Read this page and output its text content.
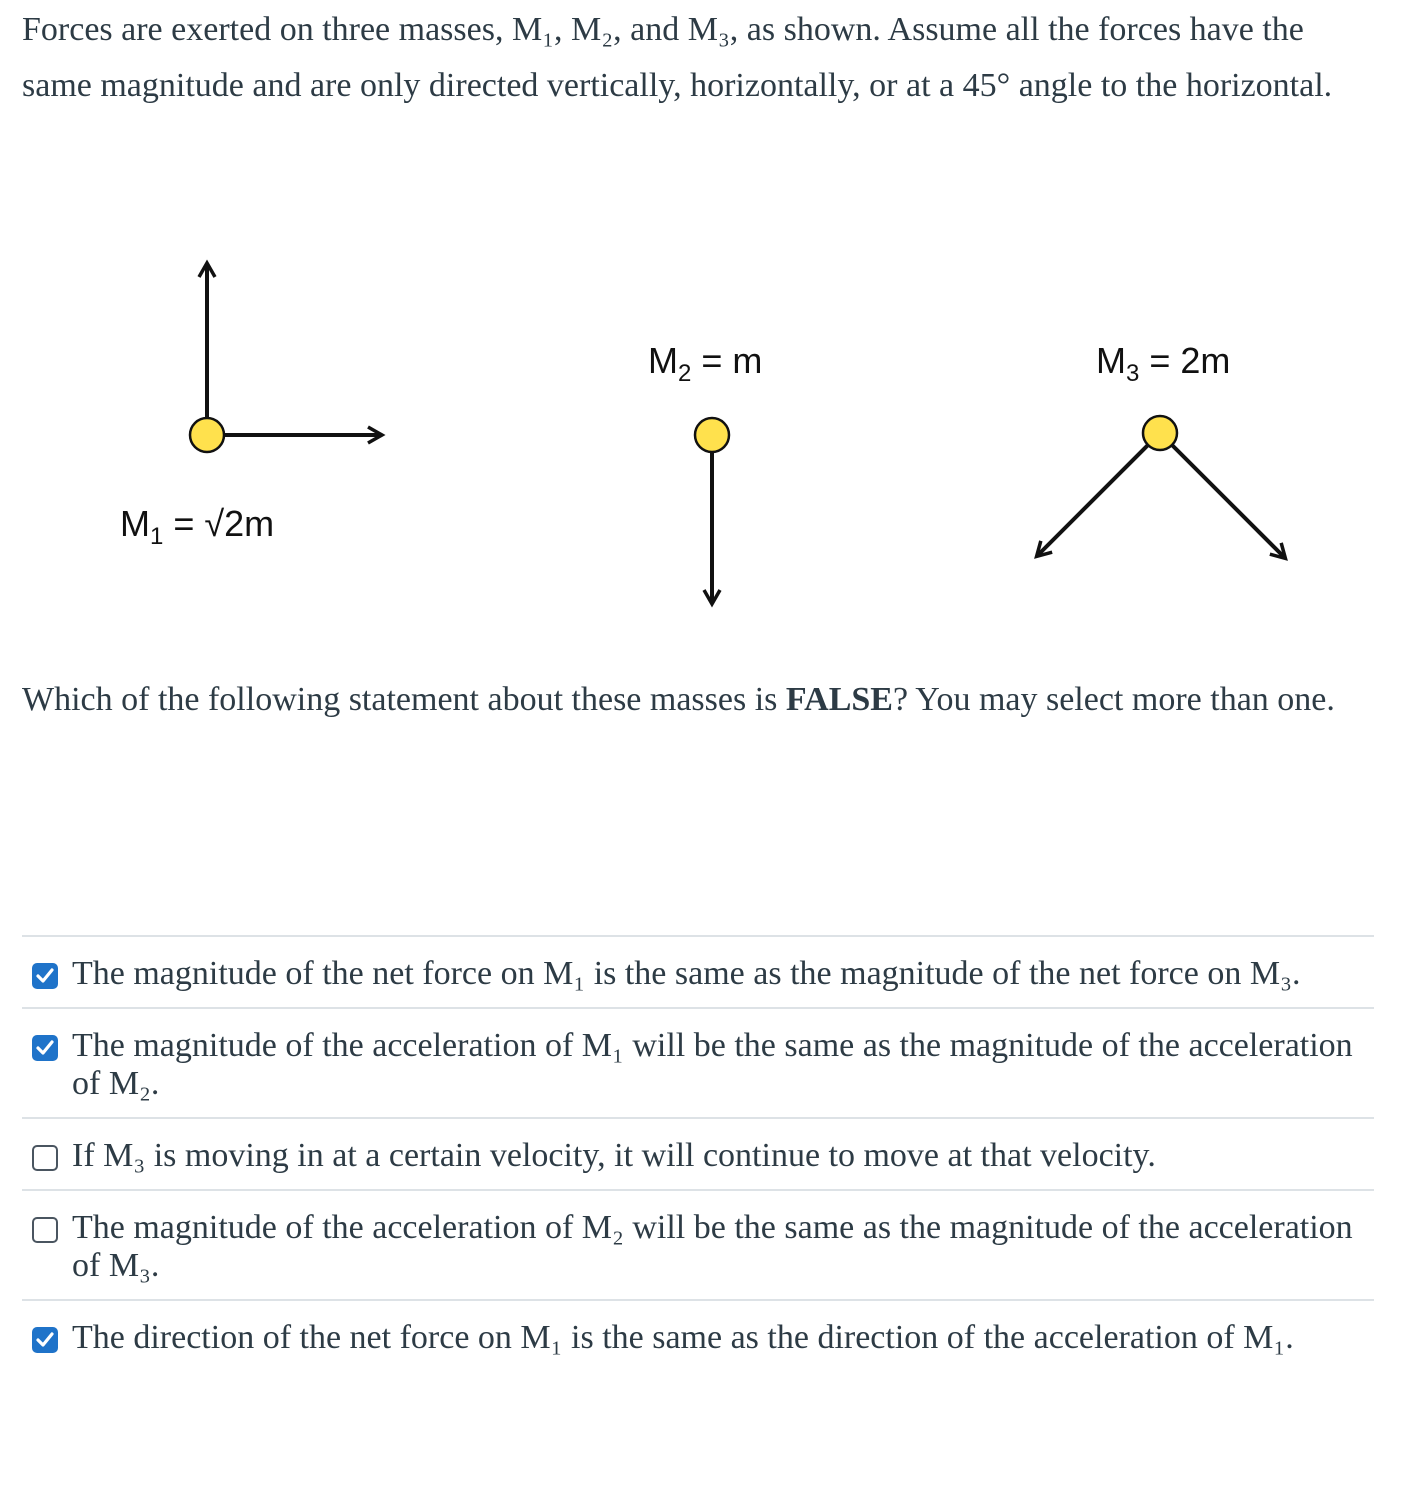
Forces are exerted on three masses, M₁, M₂, and M₃, as shown. Assume all the forces have the same magnitude and are only directed vertically, horizontally, or at a 45° angle to the horizontal.

$M_1 = √2m$
$M_2 = m$	$M_3 = 2m$

Which of the following statement about these masses is FALSE? You may select more than one.

The magnitude of the net force on M₁ is the same as the magnitude of the net force on M₃.
The magnitude of the acceleration of M₁ will be the same as the magnitude of the acceleration of M₂.
If M₃ is moving in at a certain velocity, it will continue to move at that velocity.
The magnitude of the acceleration of M₂ will be the same as the magnitude of the acceleration of M₃.
The direction of the net force on M₁ is the same as the direction of the acceleration of M₁.
